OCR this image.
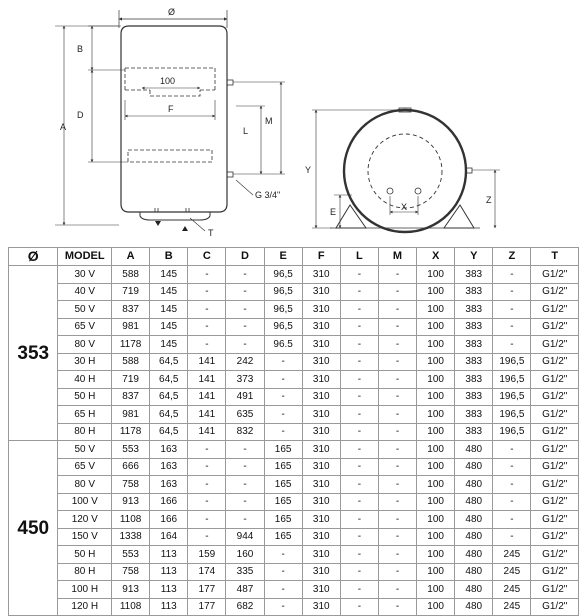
Ø
A
B
D
100
F
L
M
G 3/4"
T
Y
Z
E	X
Ø	MODEL	A	B	C	D	E	F	L	M	X	Y	Z	T
353	30 V	588	145	-	-	96,5	310	-	-	100	383	-	G1/2"
	40 V	719	145	-	-	96,5	310	-	-	100	383	-	G1/2"
	50 V	837	145	-	-	96,5	310	-	-	100	383	-	G1/2"
	65 V	981	145	-	-	96,5	310	-	-	100	383	-	G1/2"
	80 V	1178	145	-	-	96.5	310	-	-	100	383	-	G1/2"
	30 H	588	64,5	141	242	-	310	-	-	100	383	196,5	G1/2"
	40 H	719	64,5	141	373	-	310	-	-	100	383	196,5	G1/2"
	50 H	837	64,5	141	491	-	310	-	-	100	383	196,5	G1/2"
	65 H	981	64,5	141	635	-	310	-	-	100	383	196,5	G1/2"
	80 H	1178	64,5	141	832	-	310	-	-	100	383	196,5	G1/2"
450	50 V	553	163	-	-	165	310	-	-	100	480	-	G1/2"
	65 V	666	163	-	-	165	310	-	-	100	480	-	G1/2"
	80 V	758	163	-	-	165	310	-	-	100	480	-	G1/2"
	100 V	913	166	-	-	165	310	-	-	100	480	-	G1/2"
	120 V	1108	166	-	-	165	310	-	-	100	480	-	G1/2"
	150 V	1338	164	-	944	165	310	-	-	100	480	-	G1/2"
	50 H	553	113	159	160	-	310	-	-	100	480	245	G1/2"
	80 H	758	113	174	335	-	310	-	-	100	480	245	G1/2"
	100 H	913	113	177	487	-	310	-	-	100	480	245	G1/2"
	120 H	1108	113	177	682	-	310	-	-	100	480	245	G1/2"
